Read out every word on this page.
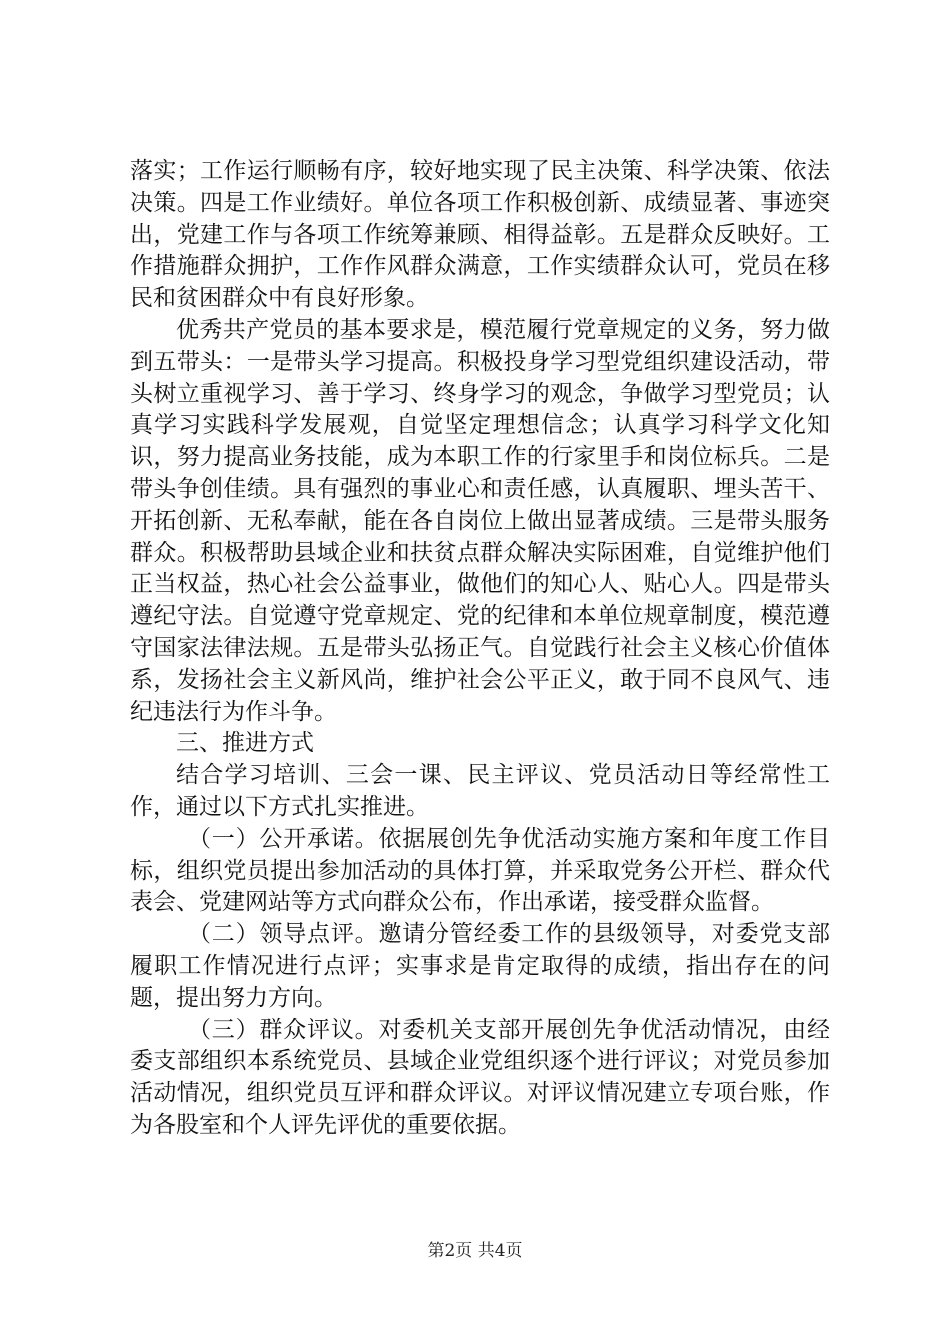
落实；工作运行顺畅有序，较好地实现了民主决策、科学决策、依法决策。四是工作业绩好。单位各项工作积极创新、成绩显著、事迹突出，党建工作与各项工作统筹兼顾、相得益彰。五是群众反映好。工作措施群众拥护，工作作风群众满意，工作实绩群众认可，党员在移民和贫困群众中有良好形象。

优秀共产党员的基本要求是，模范履行党章规定的义务，努力做到五带头：一是带头学习提高。积极投身学习型党组织建设活动，带头树立重视学习、善于学习、终身学习的观念，争做学习型党员；认真学习实践科学发展观，自觉坚定理想信念；认真学习科学文化知识，努力提高业务技能，成为本职工作的行家里手和岗位标兵。二是带头争创佳绩。具有强烈的事业心和责任感，认真履职、埋头苦干、开拓创新、无私奉献，能在各自岗位上做出显著成绩。三是带头服务群众。积极帮助县域企业和扶贫点群众解决实际困难，自觉维护他们正当权益，热心社会公益事业，做他们的知心人、贴心人。四是带头遵纪守法。自觉遵守党章规定、党的纪律和本单位规章制度，模范遵守国家法律法规。五是带头弘扬正气。自觉践行社会主义核心价值体系，发扬社会主义新风尚，维护社会公平正义，敢于同不良风气、违纪违法行为作斗争。

三、推进方式

结合学习培训、三会一课、民主评议、党员活动日等经常性工作，通过以下方式扎实推进。

（一）公开承诺。依据展创先争优活动实施方案和年度工作目标，组织党员提出参加活动的具体打算，并采取党务公开栏、群众代表会、党建网站等方式向群众公布，作出承诺，接受群众监督。

（二）领导点评。邀请分管经委工作的县级领导，对委党支部履职工作情况进行点评；实事求是肯定取得的成绩，指出存在的问题，提出努力方向。

（三）群众评议。对委机关支部开展创先争优活动情况，由经委支部组织本系统党员、县域企业党组织逐个进行评议；对党员参加活动情况，组织党员互评和群众评议。对评议情况建立专项台账，作为各股室和个人评先评优的重要依据。

第2页 共4页
